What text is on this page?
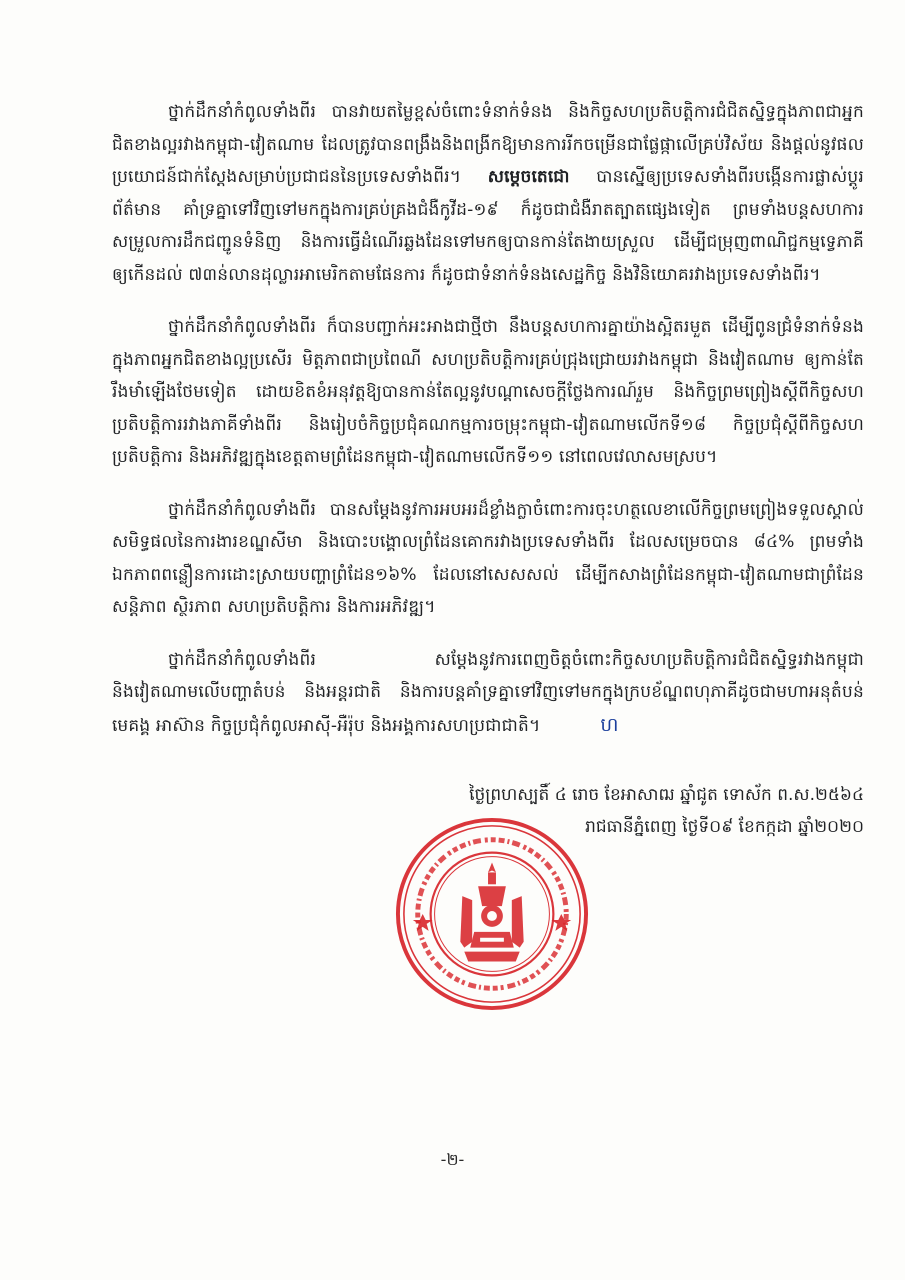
ថ្នាក់ដឹកនាំកំពូលទាំងពីរ បានវាយតម្លៃខ្ពស់ចំពោះទំនាក់ទំនង និងកិច្ចសហប្រតិបត្តិការជំជិតស្និទ្ធក្នុងភាពជាអ្នកជិតខាងល្អរវាងកម្ពុជា-វៀតណាម ដែលត្រូវបានពង្រឹងនិងពង្រីកឱ្យមានការរីកចម្រើនជាផ្លែផ្កាលើគ្រប់វិស័យ និងផ្តល់នូវផលប្រយោជន៍ជាក់ស្តែងសម្រាប់ប្រជាជននៃប្រទេសទាំងពីរ។ សម្តេចតេជោ បានស្នើឲ្យប្រទេសទាំងពីរបង្កើនការផ្លាស់ប្តូរព័ត៌មាន គាំទ្រគ្នាទៅវិញទៅមកក្នុងការគ្រប់គ្រងជំងឺកូវីដ-១៩ ក៏ដូចជាជំងឺរាតត្បាតផ្សេងទៀត ព្រមទាំងបន្តសហការសម្រួលការដឹកជញ្ជូនទំនិញ និងការធ្វើដំណើរឆ្លងដែនទៅមកឲ្យបានកាន់តែងាយស្រួល ដើម្បីជម្រុញពាណិជ្ជកម្មទ្វេភាគីឲ្យកើនដល់ ៧៣ន់លានដុល្លារអាមេរិកតាមផែនការ ក៏ដូចជាទំនាក់ទំនងសេដ្ឋកិច្ច និងវិនិយោគរវាងប្រទេសទាំងពីរ។

ថ្នាក់ដឹកនាំកំពូលទាំងពីរ ក៏បានបញ្ជាក់អះអាងជាថ្មីថា នឹងបន្តសហការគ្នាយ៉ាងស្អិតរមួត ដើម្បីពូនជ្រំទំនាក់ទំនងក្នុងភាពអ្នកជិតខាងល្អប្រសើរ មិត្តភាពជាប្រពៃណី សហប្រតិបត្តិការគ្រប់ជ្រុងជ្រោយរវាងកម្ពុជា និងវៀតណាម ឲ្យកាន់តែរឹងមាំឡើងថែមទៀត ដោយខិតខំអនុវត្តឱ្យបានកាន់តែល្អនូវបណ្តាសេចក្តីថ្លែងការណ៍រួម និងកិច្ចព្រមព្រៀងស្តីពីកិច្ចសហប្រតិបត្តិការរវាងភាគីទាំងពីរ និងរៀបចំកិច្ចប្រជុំគណកម្មការចម្រុះកម្ពុជា-វៀតណាមលើកទី១៨ កិច្ចប្រជុំស្តីពីកិច្ចសហប្រតិបត្តិការ និងអភិវឌ្ឍក្នុងខេត្តតាមព្រំដែនកម្ពុជា-វៀតណាមលើកទី១១ នៅពេលវេលាសមស្រប។

ថ្នាក់ដឹកនាំកំពូលទាំងពីរ បានសម្តែងនូវការអបអរដ៏ខ្លាំងក្លាចំពោះការចុះហត្ថលេខាលើកិច្ចព្រមព្រៀងទទួលស្គាល់សមិទ្ធផលនៃការងារខណ្ឌសីមា និងបោះបង្គោលព្រំដែនគោករវាងប្រទេសទាំងពីរ ដែលសម្រេចបាន ៨៤% ព្រមទាំងឯកភាពពន្លឿនការដោះស្រាយបញ្ហាព្រំដែន១៦% ដែលនៅសេសសល់ ដើម្បីកសាងព្រំដែនកម្ពុជា-វៀតណាមជាព្រំដែនសន្តិភាព ស្ថិរភាព សហប្រតិបត្តិការ និងការអភិវឌ្ឍ។

ថ្នាក់ដឹកនាំកំពូលទាំងពីរ សម្តែងនូវការពេញចិត្តចំពោះកិច្ចសហប្រតិបត្តិការជំជិតស្និទ្ធរវាងកម្ពុជា និងវៀតណាមលើបញ្ហាតំបន់ និងអន្តរជាតិ និងការបន្តគាំទ្រគ្នាទៅវិញទៅមកក្នុងក្របខ័ណ្ឌពហុភាគីដូចជាមហាអនុតំបន់មេគង្គ អាស៊ាន កិច្ចប្រជុំកំពូលអាស៊ី-អឺរ៉ុប និងអង្គការសហប្រជាជាតិ។	ហ

ថ្ងៃព្រហស្បតិ៍ ៤ រោច ខែអាសាឍ ឆ្នាំជូត ទោស័ក ព.ស.២៥៦៤
រាជធានីភ្នំពេញ ថ្ងៃទី០៩ ខែកក្កដា ឆ្នាំ២០២០
-២-
